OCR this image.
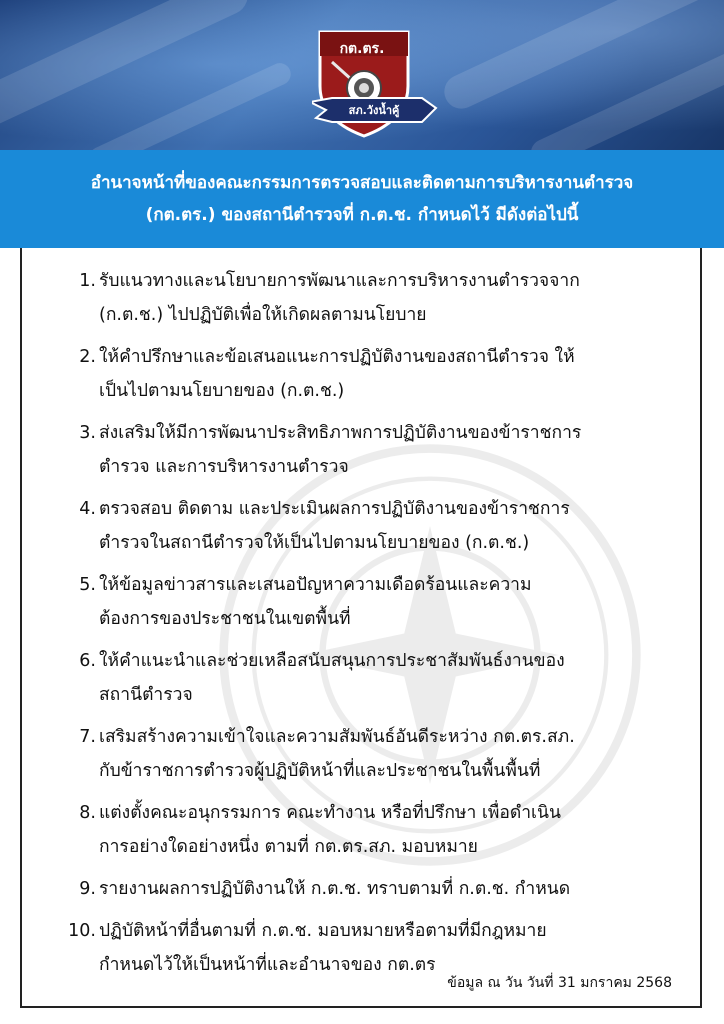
กต.ตร.
สภ.วังน้ำคู้
อำนาจหน้าที่ของคณะกรรมการตรวจสอบและติดตามการบริหารงานตำรวจ
(กต.ตร.) ของสถานีตำรวจที่ ก.ต.ช. กำหนดไว้ มีดังต่อไปนี้
1. รับแนวทางและนโยบายการพัฒนาและการบริหารงานตำรวจจาก
(ก.ต.ช.) ไปปฏิบัติเพื่อให้เกิดผลตามนโยบาย
2. ให้คำปรึกษาและข้อเสนอแนะการปฏิบัติงานของสถานีตำรวจ ให้
เป็นไปตามนโยบายของ (ก.ต.ช.)
3. ส่งเสริมให้มีการพัฒนาประสิทธิภาพการปฏิบัติงานของข้าราชการ
ตำรวจ และการบริหารงานตำรวจ
4. ตรวจสอบ ติดตาม และประเมินผลการปฏิบัติงานของข้าราชการ
ตำรวจในสถานีตำรวจให้เป็นไปตามนโยบายของ (ก.ต.ช.)
5. ให้ข้อมูลข่าวสารและเสนอปัญหาความเดือดร้อนและความ
ต้องการของประชาชนในเขตพื้นที่
6. ให้คำแนะนำและช่วยเหลือสนับสนุนการประชาสัมพันธ์งานของ
สถานีตำรวจ
7. เสริมสร้างความเข้าใจและความสัมพันธ์อันดีระหว่าง กต.ตร.สภ.
กับข้าราชการตำรวจผู้ปฏิบัติหน้าที่และประชาชนในพื้นพื้นที่
8. แต่งตั้งคณะอนุกรรมการ คณะทำงาน หรือที่ปรึกษา เพื่อดำเนิน
การอย่างใดอย่างหนึ่ง ตามที่ กต.ตร.สภ. มอบหมาย
9. รายงานผลการปฏิบัติงานให้ ก.ต.ช. ทราบตามที่ ก.ต.ช. กำหนด
10. ปฏิบัติหน้าที่อื่นตามที่ ก.ต.ช. มอบหมายหรือตามที่มีกฎหมาย
กำหนดไว้ให้เป็นหน้าที่และอำนาจของ กต.ตร
ข้อมูล ณ วัน วันที่ 31 มกราคม 2568
